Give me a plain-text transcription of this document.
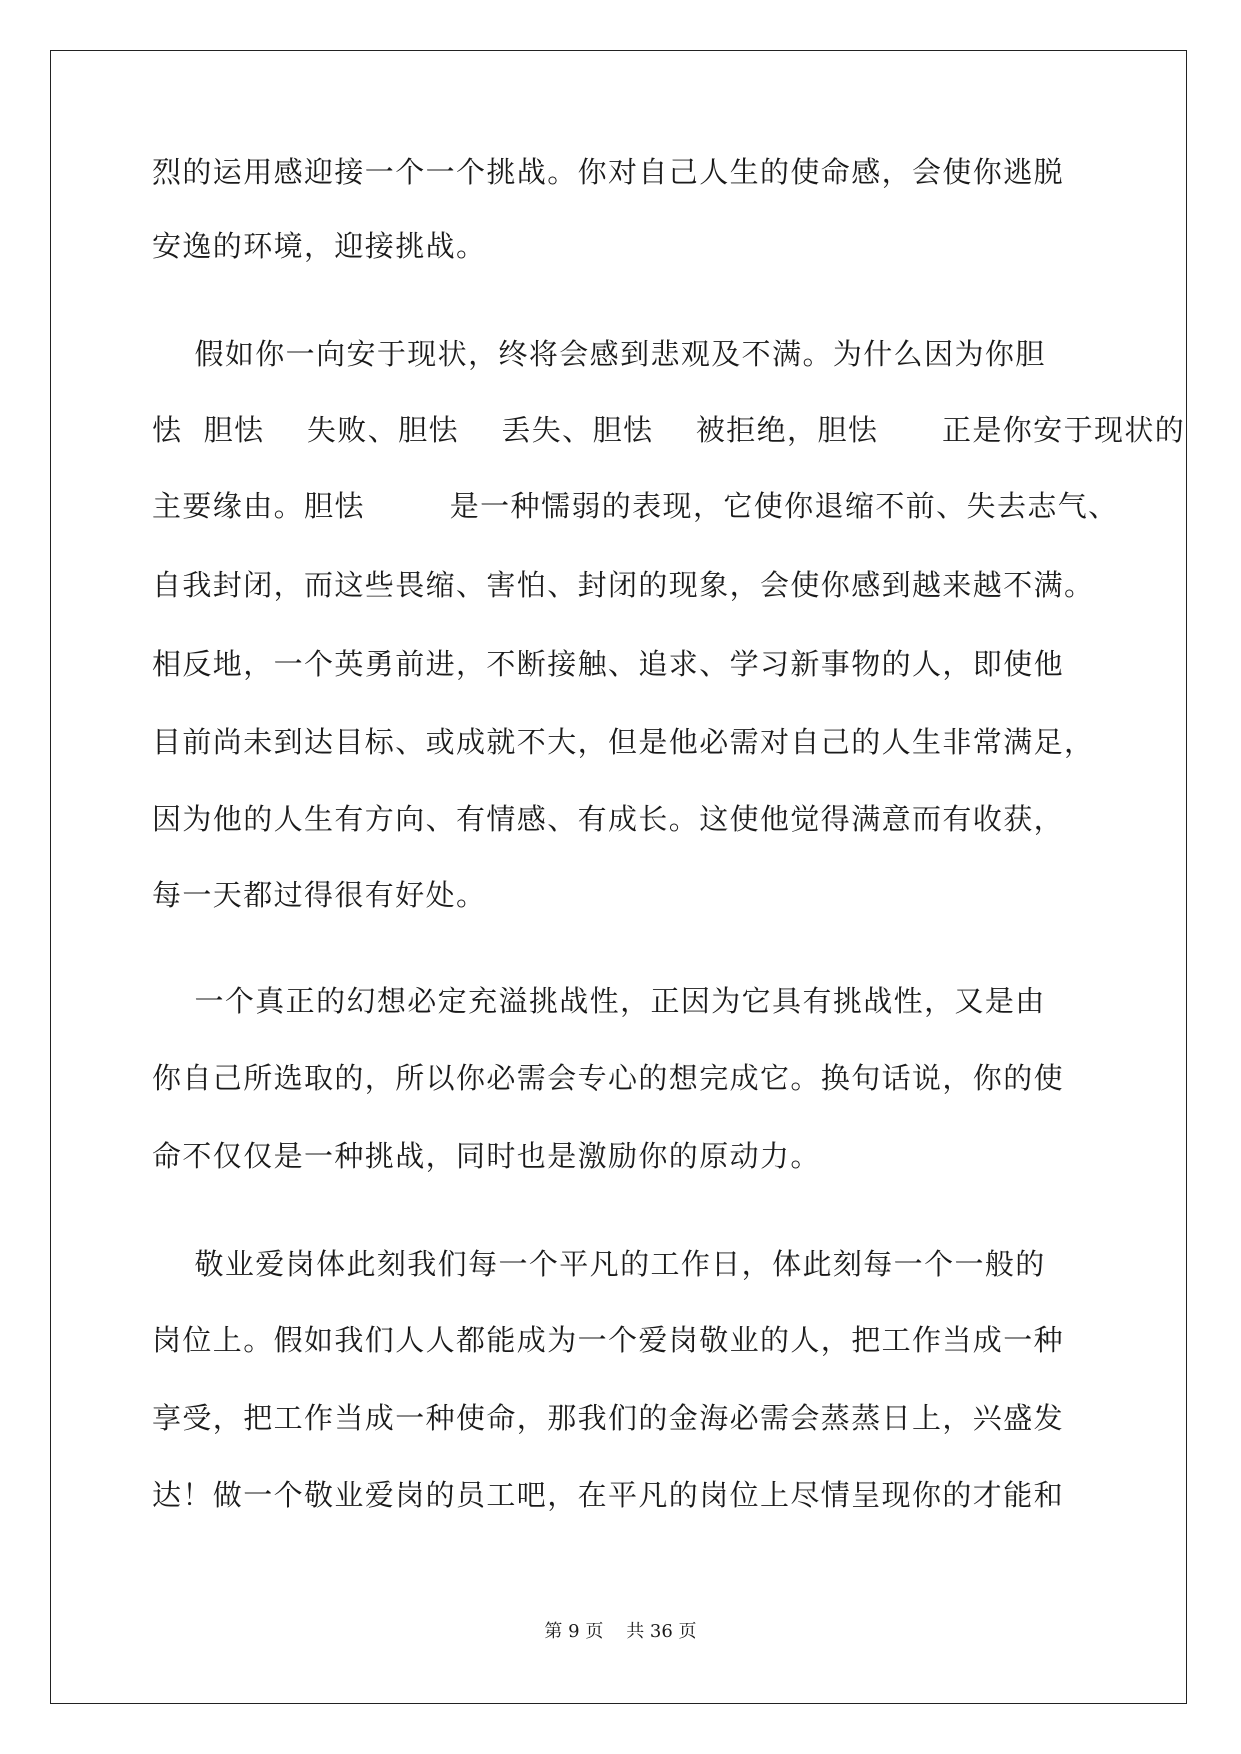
烈的运用感迎接一个一个挑战。你对自己人生的使命感，会使你逃脱
安逸的环境，迎接挑战。
假如你一向安于现状，终将会感到悲观及不满。为什么因为你胆
怯  胆怯    失败、胆怯    丢失、胆怯    被拒绝，胆怯      正是你安于现状的
主要缘由。胆怯        是一种懦弱的表现，它使你退缩不前、失去志气、
自我封闭，而这些畏缩、害怕、封闭的现象，会使你感到越来越不满。
相反地，一个英勇前进，不断接触、追求、学习新事物的人，即使他
目前尚未到达目标、或成就不大，但是他必需对自己的人生非常满足，
因为他的人生有方向、有情感、有成长。这使他觉得满意而有收获，
每一天都过得很有好处。
一个真正的幻想必定充溢挑战性，正因为它具有挑战性，又是由
你自己所选取的，所以你必需会专心的想完成它。换句话说，你的使
命不仅仅是一种挑战，同时也是激励你的原动力。
敬业爱岗体此刻我们每一个平凡的工作日，体此刻每一个一般的
岗位上。假如我们人人都能成为一个爱岗敬业的人，把工作当成一种
享受，把工作当成一种使命，那我们的金海必需会蒸蒸日上，兴盛发
达！做一个敬业爱岗的员工吧，在平凡的岗位上尽情呈现你的才能和
第 9 页    共 36 页
